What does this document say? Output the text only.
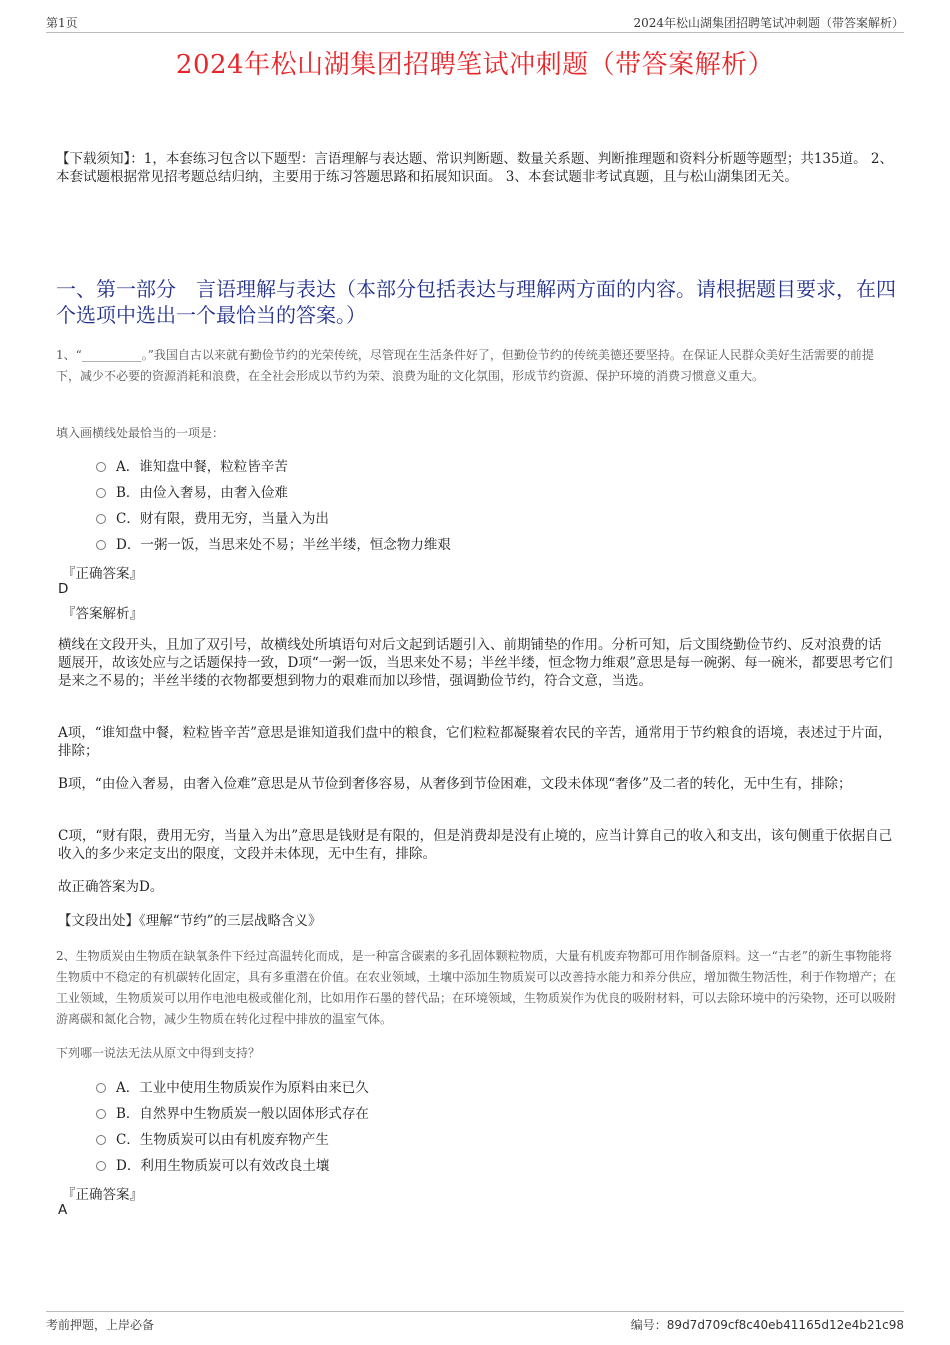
第1页	2024年松山湖集团招聘笔试冲刺题（带答案解析）
2024年松山湖集团招聘笔试冲刺题（带答案解析）
【下载须知】：1，本套练习包含以下题型：言语理解与表达题、常识判断题、数量关系题、判断推理题和资料分析题等题型；共135道。 2、本套试题根据常见招考题总结归纳，主要用于练习答题思路和拓展知识面。 3、本套试题非考试真题，且与松山湖集团无关。
一、第一部分　言语理解与表达（本部分包括表达与理解两方面的内容。请根据题目要求，在四个选项中选出一个最恰当的答案。）
1、“__________。”我国自古以来就有勤俭节约的光荣传统，尽管现在生活条件好了，但勤俭节约的传统美德还要坚持。在保证人民群众美好生活需要的前提下，减少不必要的资源消耗和浪费，在全社会形成以节约为荣、浪费为耻的文化氛围，形成节约资源、保护环境的消费习惯意义重大。
填入画横线处最恰当的一项是：
A．谁知盘中餐，粒粒皆辛苦
B．由俭入奢易，由奢入俭难
C．财有限，费用无穷，当量入为出
D．一粥一饭，当思来处不易；半丝半缕，恒念物力维艰
『正确答案』
D
『答案解析』
横线在文段开头，且加了双引号，故横线处所填语句对后文起到话题引入、前期铺垫的作用。分析可知，后文围绕勤俭节约、反对浪费的话题展开，故该处应与之话题保持一致，D项“一粥一饭，当思来处不易；半丝半缕，恒念物力维艰”意思是每一碗粥、每一碗米，都要思考它们是来之不易的；半丝半缕的衣物都要想到物力的艰难而加以珍惜，强调勤俭节约，符合文意，当选。
A项，“谁知盘中餐，粒粒皆辛苦”意思是谁知道我们盘中的粮食，它们粒粒都凝聚着农民的辛苦，通常用于节约粮食的语境，表述过于片面，排除；
B项，“由俭入奢易，由奢入俭难”意思是从节俭到奢侈容易，从奢侈到节俭困难，文段未体现“奢侈”及二者的转化，无中生有，排除；
C项，“财有限，费用无穷，当量入为出”意思是钱财是有限的，但是消费却是没有止境的，应当计算自己的收入和支出，该句侧重于依据自己收入的多少来定支出的限度，文段并未体现，无中生有，排除。
故正确答案为D。
【文段出处】《理解“节约”的三层战略含义》
2、生物质炭由生物质在缺氧条件下经过高温转化而成，是一种富含碳素的多孔固体颗粒物质，大量有机废弃物都可用作制备原料。这一“古老”的新生事物能将生物质中不稳定的有机碳转化固定，具有多重潜在价值。在农业领域，土壤中添加生物质炭可以改善持水能力和养分供应，增加微生物活性，利于作物增产；在工业领域，生物质炭可以用作电池电极或催化剂，比如用作石墨的替代品；在环境领域，生物质炭作为优良的吸附材料，可以去除环境中的污染物，还可以吸附游离碳和氮化合物，减少生物质在转化过程中排放的温室气体。
下列哪一说法无法从原文中得到支持？
A．工业中使用生物质炭作为原料由来已久
B．自然界中生物质炭一般以固体形式存在
C．生物质炭可以由有机废弃物产生
D．利用生物质炭可以有效改良土壤
『正确答案』
A
考前押题，上岸必备	编号：89d7d709cf8c40eb41165d12e4b21c98
